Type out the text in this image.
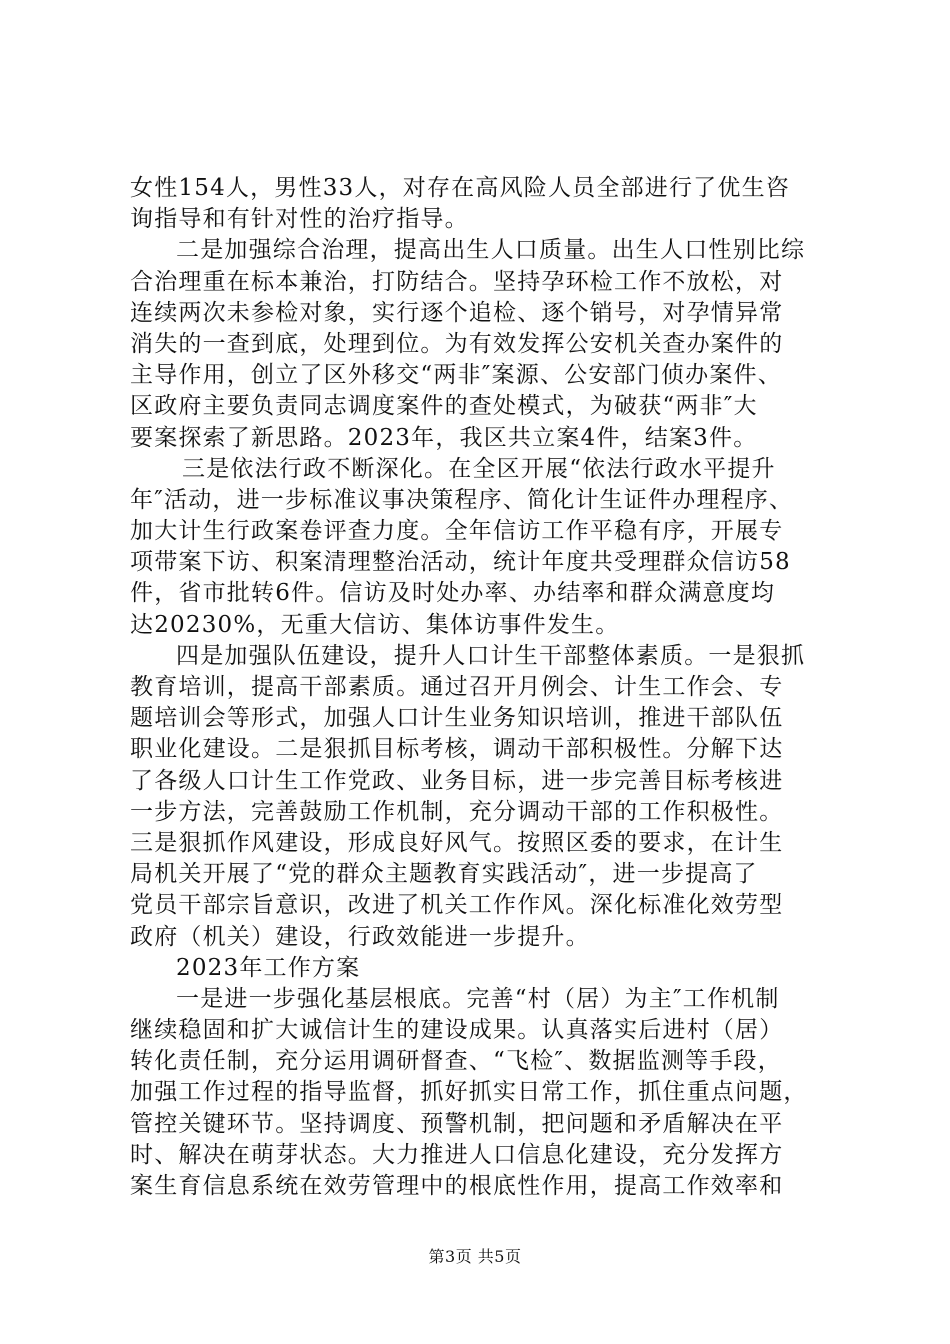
女性154人，男性33人，对存在高风险人员全部进行了优生咨
询指导和有针对性的治疗指导。
二是加强综合治理，提高出生人口质量。出生人口性别比综
合治理重在标本兼治，打防结合。坚持孕环检工作不放松，对
连续两次未参检对象，实行逐个追检、逐个销号，对孕情异常
消失的一查到底，处理到位。为有效发挥公安机关查办案件的
主导作用，创立了区外移交“两非″案源、公安部门侦办案件、
区政府主要负责同志调度案件的查处模式，为破获“两非″大
要案探索了新思路。2023年，我区共立案4件，结案3件。
三是依法行政不断深化。在全区开展“依法行政水平提升
年″活动，进一步标准议事决策程序、简化计生证件办理程序、
加大计生行政案卷评查力度。全年信访工作平稳有序，开展专
项带案下访、积案清理整治活动，统计年度共受理群众信访58
件，省市批转6件。信访及时处办率、办结率和群众满意度均
达20230%，无重大信访、集体访事件发生。
四是加强队伍建设，提升人口计生干部整体素质。一是狠抓
教育培训，提高干部素质。通过召开月例会、计生工作会、专
题培训会等形式，加强人口计生业务知识培训，推进干部队伍
职业化建设。二是狠抓目标考核，调动干部积极性。分解下达
了各级人口计生工作党政、业务目标，进一步完善目标考核进
一步方法，完善鼓励工作机制，充分调动干部的工作积极性。
三是狠抓作风建设，形成良好风气。按照区委的要求，在计生
局机关开展了“党的群众主题教育实践活动″，进一步提高了
党员干部宗旨意识，改进了机关工作作风。深化标准化效劳型
政府（机关）建设，行政效能进一步提升。
2023年工作方案
一是进一步强化基层根底。完善“村（居）为主″工作机制
继续稳固和扩大诚信计生的建设成果。认真落实后进村（居）
转化责任制，充分运用调研督查、“飞检″、数据监测等手段，
加强工作过程的指导监督，抓好抓实日常工作，抓住重点问题，
管控关键环节。坚持调度、预警机制，把问题和矛盾解决在平
时、解决在萌芽状态。大力推进人口信息化建设，充分发挥方
案生育信息系统在效劳管理中的根底性作用，提高工作效率和
第3页 共5页
